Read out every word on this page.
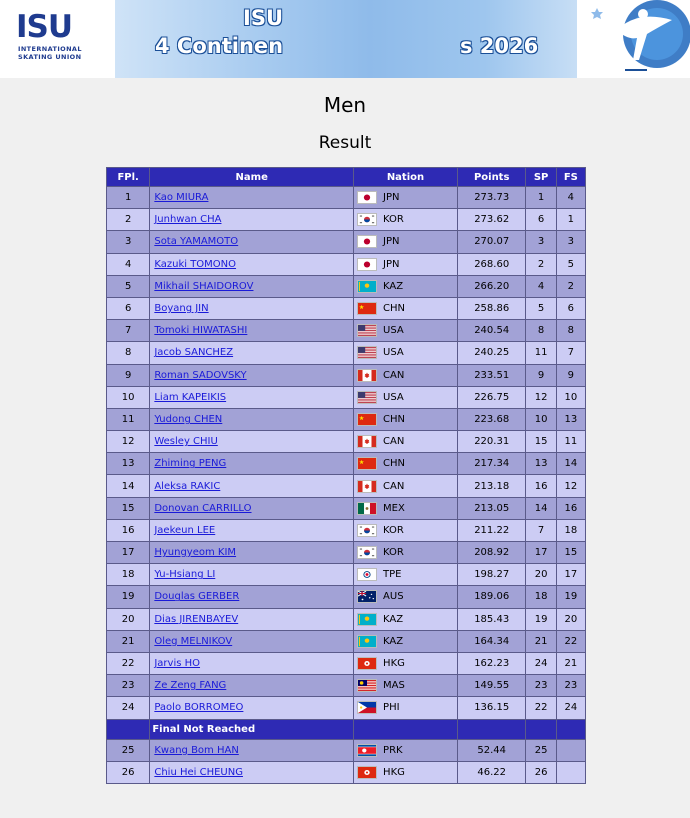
ISU
INTERNATIONAL SKATING UNION
ISU
4 Continen	s 2026
Men
Result
FPl.	Name	Nation	Points	SP	FS
1	Kao MIURA	JPN	273.73	1	4
2	Junhwan CHA	KOR	273.62	6	1
3	Sota YAMAMOTO	JPN	270.07	3	3
4	Kazuki TOMONO	JPN	268.60	2	5
5	Mikhail SHAIDOROV	KAZ	266.20	4	2
6	Boyang JIN	CHN	258.86	5	6
7	Tomoki HIWATASHI	USA	240.54	8	8
8	Jacob SANCHEZ	USA	240.25	11	7
9	Roman SADOVSKY	CAN	233.51	9	9
10	Liam KAPEIKIS	USA	226.75	12	10
11	Yudong CHEN	CHN	223.68	10	13
12	Wesley CHIU	CAN	220.31	15	11
13	Zhiming PENG	CHN	217.34	13	14
14	Aleksa RAKIC	CAN	213.18	16	12
15	Donovan CARRILLO	MEX	213.05	14	16
16	Jaekeun LEE	KOR	211.22	7	18
17	Hyungyeom KIM	KOR	208.92	17	15
18	Yu-Hsiang LI	TPE	198.27	20	17
19	Douglas GERBER	AUS	189.06	18	19
20	Dias JIRENBAYEV	KAZ	185.43	19	20
21	Oleg MELNIKOV	KAZ	164.34	21	22
22	Jarvis HO	HKG	162.23	24	21
23	Ze Zeng FANG	MAS	149.55	23	23
24	Paolo BORROMEO	PHI	136.15	22	24
	Final Not Reached				
25	Kwang Bom HAN	PRK	52.44	25	
26	Chiu Hei CHEUNG	HKG	46.22	26	
